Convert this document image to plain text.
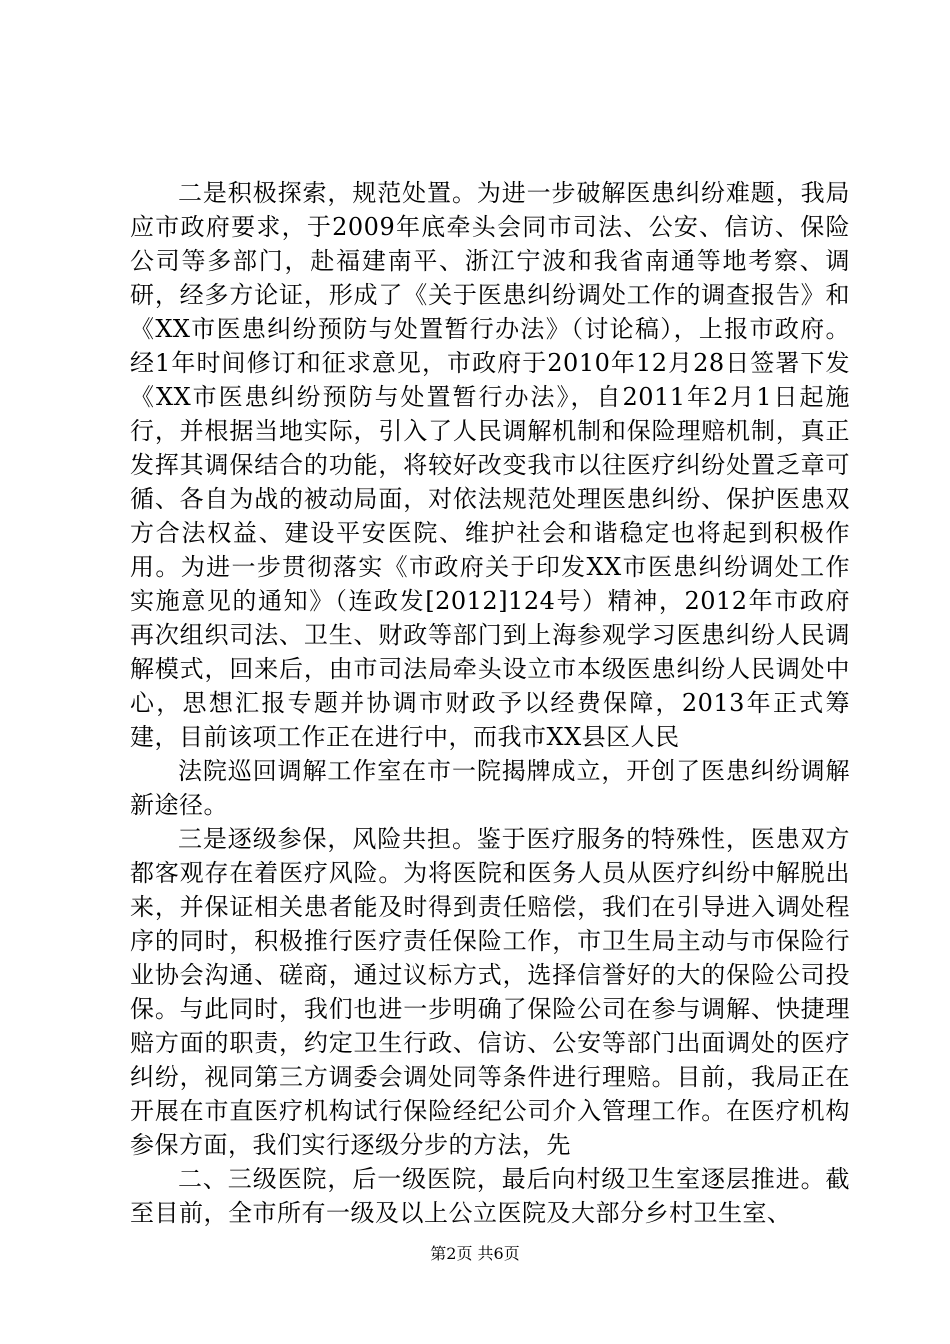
二是积极探索，规范处置。为进一步破解医患纠纷难题，我局应市政府要求，于2009年底牵头会同市司法、公安、信访、保险公司等多部门，赴福建南平、浙江宁波和我省南通等地考察、调研，经多方论证，形成了《关于医患纠纷调处工作的调查报告》和《XX市医患纠纷预防与处置暂行办法》（讨论稿），上报市政府。经1年时间修订和征求意见，市政府于2010年12月28日签署下发《XX市医患纠纷预防与处置暂行办法》，自2011年2月1日起施行，并根据当地实际，引入了人民调解机制和保险理赔机制，真正发挥其调保结合的功能，将较好改变我市以往医疗纠纷处置乏章可循、各自为战的被动局面，对依法规范处理医患纠纷、保护医患双方合法权益、建设平安医院、维护社会和谐稳定也将起到积极作用。为进一步贯彻落实《市政府关于印发XX市医患纠纷调处工作实施意见的通知》（连政发[2012]124号）精神，2012年市政府再次组织司法、卫生、财政等部门到上海参观学习医患纠纷人民调解模式，回来后，由市司法局牵头设立市本级医患纠纷人民调处中心，思想汇报专题并协调市财政予以经费保障，2013年正式筹建，目前该项工作正在进行中，而我市XX县区人民

法院巡回调解工作室在市一院揭牌成立，开创了医患纠纷调解新途径。

三是逐级参保，风险共担。鉴于医疗服务的特殊性，医患双方都客观存在着医疗风险。为将医院和医务人员从医疗纠纷中解脱出来，并保证相关患者能及时得到责任赔偿，我们在引导进入调处程序的同时，积极推行医疗责任保险工作，市卫生局主动与市保险行业协会沟通、磋商，通过议标方式，选择信誉好的大的保险公司投保。与此同时，我们也进一步明确了保险公司在参与调解、快捷理赔方面的职责，约定卫生行政、信访、公安等部门出面调处的医疗纠纷，视同第三方调委会调处同等条件进行理赔。目前，我局正在开展在市直医疗机构试行保险经纪公司介入管理工作。在医疗机构参保方面，我们实行逐级分步的方法，先

二、三级医院，后一级医院，最后向村级卫生室逐层推进。截至目前，全市所有一级及以上公立医院及大部分乡村卫生室、

第2页 共6页
